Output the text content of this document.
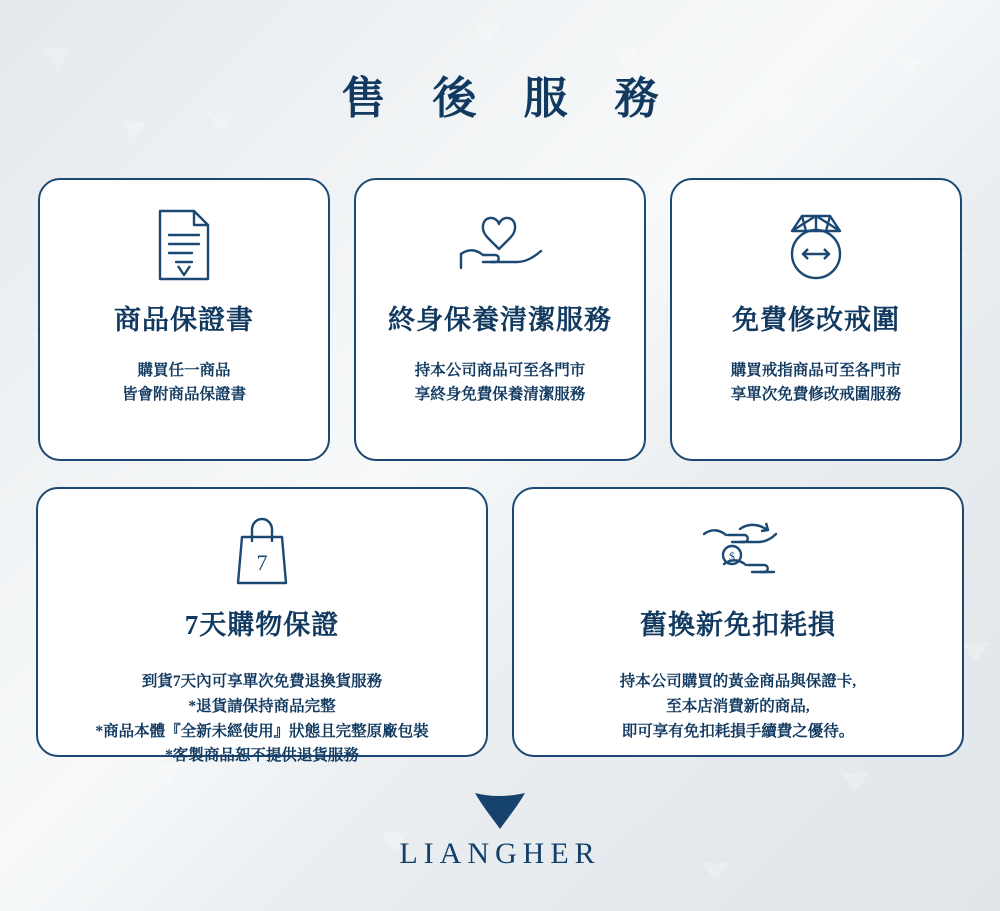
售 後 服 務
商品保證書
購買任一商品
皆會附商品保證書
終身保養清潔服務
持本公司商品可至各門市
享終身免費保養清潔服務
免費修改戒圍
購買戒指商品可至各門市
享單次免費修改戒圍服務
7
7天購物保證
到貨7天內可享單次免費退換貨服務
*退貨請保持商品完整
*商品本體『全新未經使用』狀態且完整原廠包裝
*客製商品恕不提供退貨服務
$
舊換新免扣耗損
持本公司購買的黃金商品與保證卡,
至本店消費新的商品,
即可享有免扣耗損手續費之優待。
LIANGHER
